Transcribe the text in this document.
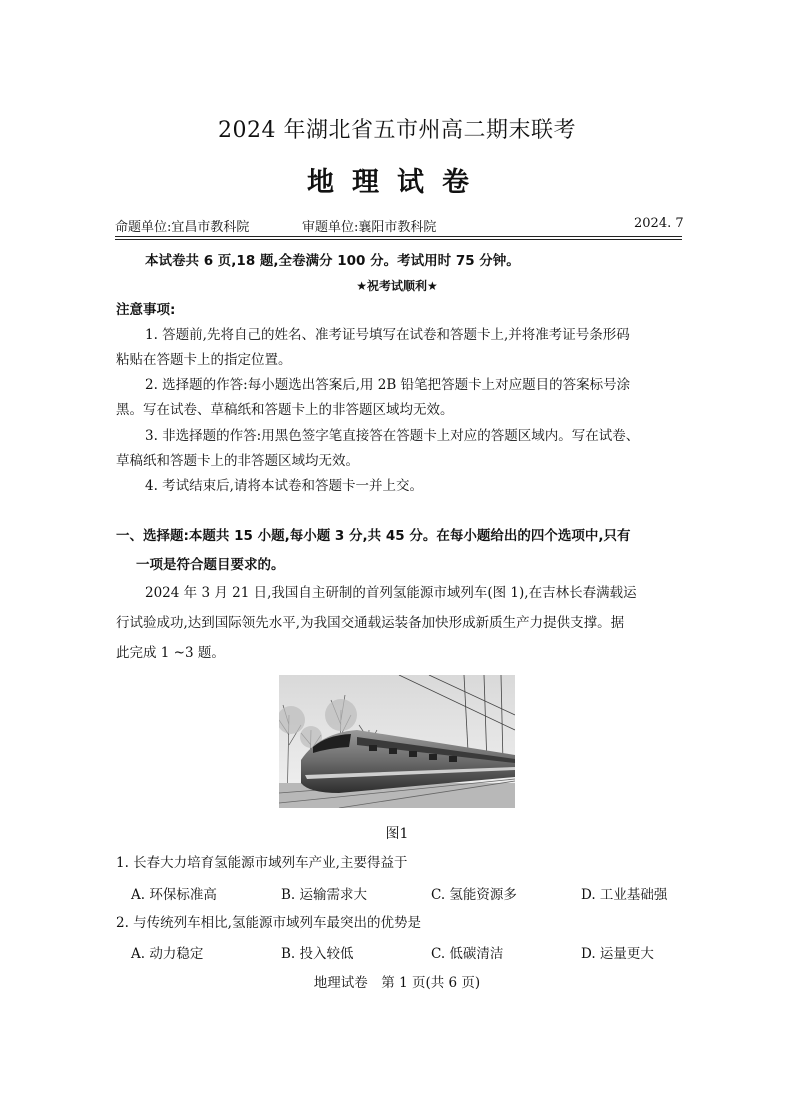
2024 年湖北省五市州高二期末联考
地理试卷
命题单位:宜昌市教科院	审题单位:襄阳市教科院	2024. 7
本试卷共 6 页,18 题,全卷满分 100 分。考试用时 75 分钟。
★祝考试顺利★
注意事项:
1. 答题前,先将自己的姓名、准考证号填写在试卷和答题卡上,并将准考证号条形码
粘贴在答题卡上的指定位置。
2. 选择题的作答:每小题选出答案后,用 2B 铅笔把答题卡上对应题目的答案标号涂
黑。写在试卷、草稿纸和答题卡上的非答题区域均无效。
3. 非选择题的作答:用黑色签字笔直接答在答题卡上对应的答题区域内。写在试卷、
草稿纸和答题卡上的非答题区域均无效。
4. 考试结束后,请将本试卷和答题卡一并上交。
一、选择题:本题共 15 小题,每小题 3 分,共 45 分。在每小题给出的四个选项中,只有
一项是符合题目要求的。
2024 年 3 月 21 日,我国自主研制的首列氢能源市域列车(图 1),在吉林长春满载运
行试验成功,达到国际领先水平,为我国交通载运装备加快形成新质生产力提供支撑。据
此完成 1 ~3 题。
图1
1. 长春大力培育氢能源市域列车产业,主要得益于
A. 环保标准高	B. 运输需求大	C. 氢能资源多	D. 工业基础强
2. 与传统列车相比,氢能源市域列车最突出的优势是
A. 动力稳定	B. 投入较低	C. 低碳清洁	D. 运量更大
地理试卷　第 1 页(共 6 页)
